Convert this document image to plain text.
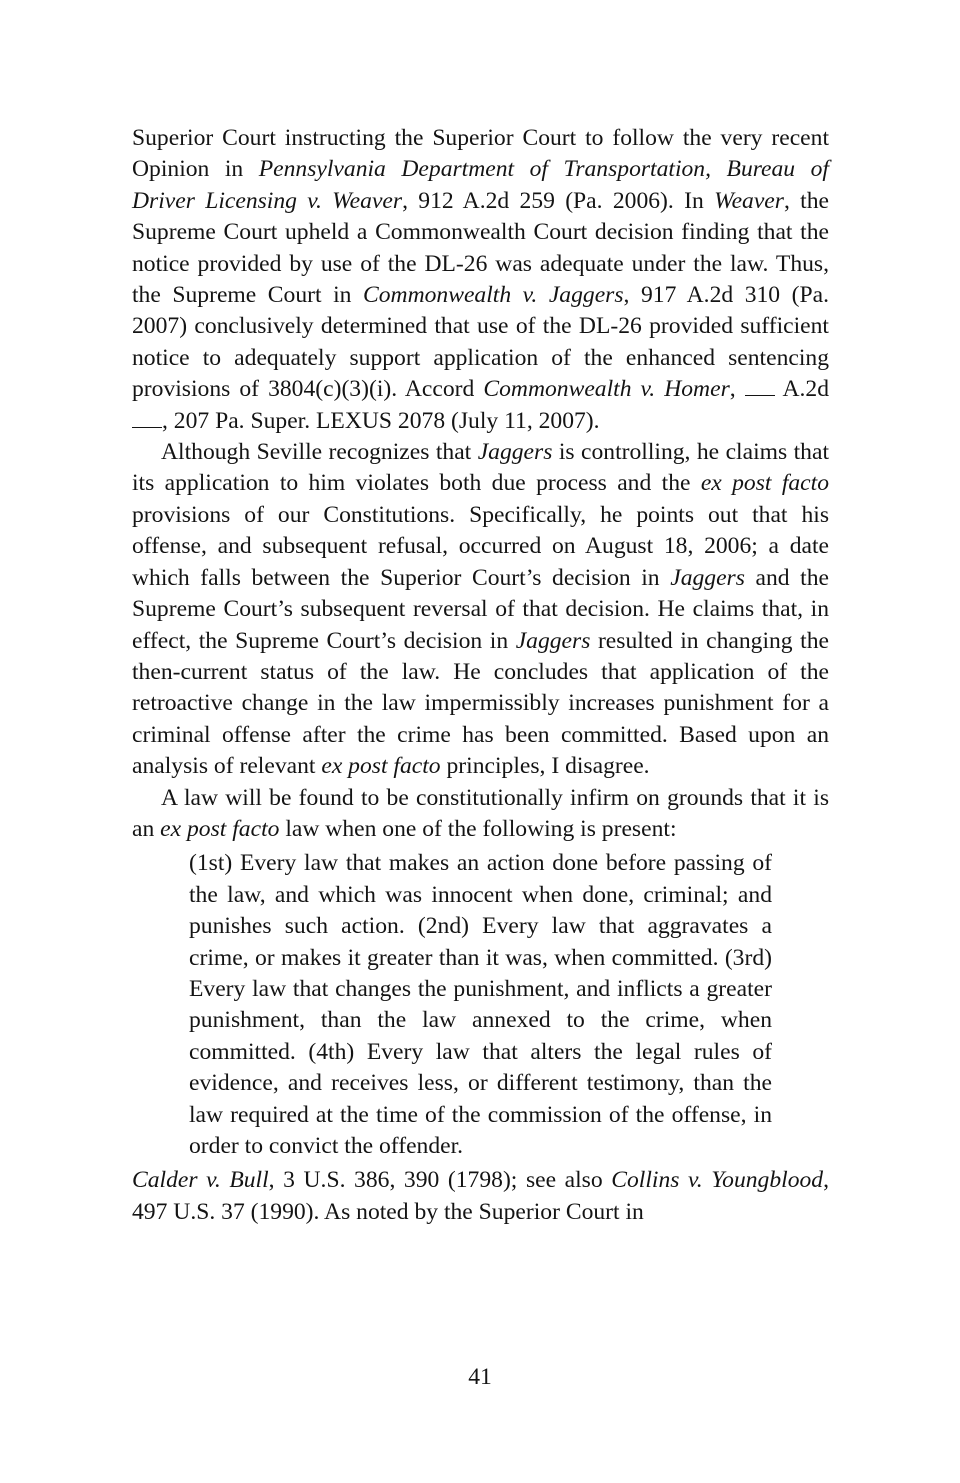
Superior Court instructing the Superior Court to follow the very recent Opinion in Pennsylvania Department of Transportation, Bureau of Driver Licensing v. Weaver, 912 A.2d 259 (Pa. 2006). In Weaver, the Supreme Court upheld a Commonwealth Court decision finding that the notice provided by use of the DL-26 was adequate under the law. Thus, the Supreme Court in Commonwealth v. Jaggers, 917 A.2d 310 (Pa. 2007) conclusively determined that use of the DL-26 provided sufficient notice to adequately support application of the enhanced sentencing provisions of 3804(c)(3)(i). Accord Commonwealth v. Homer,  A.2d , 207 Pa. Super. LEXUS 2078 (July 11, 2007).

Although Seville recognizes that Jaggers is controlling, he claims that its application to him violates both due process and the ex post facto provisions of our Constitutions. Specifically, he points out that his offense, and subsequent refusal, occurred on August 18, 2006; a date which falls between the Superior Court’s decision in Jaggers and the Supreme Court’s subsequent reversal of that decision. He claims that, in effect, the Supreme Court’s decision in Jaggers resulted in changing the then-current status of the law. He concludes that application of the retroactive change in the law impermissibly increases punishment for a criminal offense after the crime has been committed. Based upon an analysis of relevant ex post facto principles, I disagree.

A law will be found to be constitutionally infirm on grounds that it is an ex post facto law when one of the following is present:

(1st) Every law that makes an action done before passing of the law, and which was innocent when done, criminal; and punishes such action. (2nd) Every law that aggravates a crime, or makes it greater than it was, when committed. (3rd) Every law that changes the punishment, and inflicts a greater punishment, than the law annexed to the crime, when committed. (4th) Every law that alters the legal rules of evidence, and receives less, or different testimony, than the law required at the time of the commission of the offense, in order to convict the offender.

Calder v. Bull, 3 U.S. 386, 390 (1798); see also Collins v. Youngblood, 497 U.S. 37 (1990). As noted by the Superior Court in

41
